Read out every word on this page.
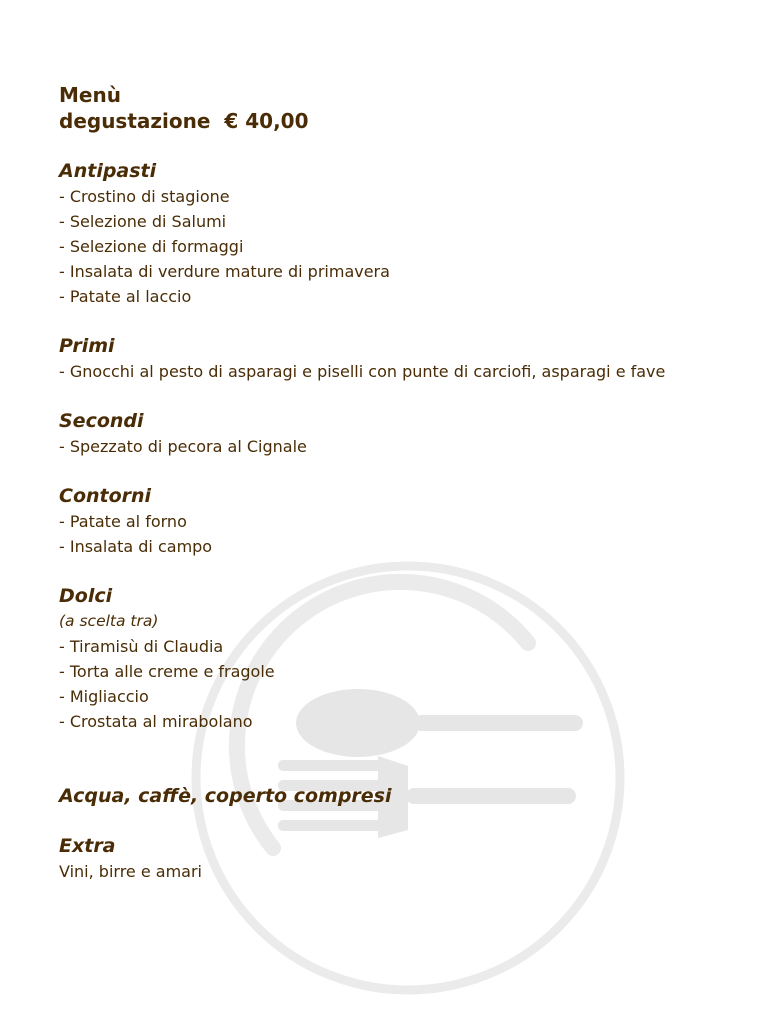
Menù

degustazione  € 40,00

Antipasti

- Crostino di stagione

- Selezione di Salumi

- Selezione di formaggi

- Insalata di verdure mature di primavera

- Patate al laccio

Primi

- Gnocchi al pesto di asparagi e piselli con punte di carciofi, asparagi e fave

Secondi

- Spezzato di pecora al Cignale

Contorni

- Patate al forno

- Insalata di campo

Dolci

(a scelta tra)

- Tiramisù di Claudia

- Torta alle creme e fragole

- Migliaccio

- Crostata al mirabolano

Acqua, caffè, coperto compresi

Extra

Vini, birre e amari
